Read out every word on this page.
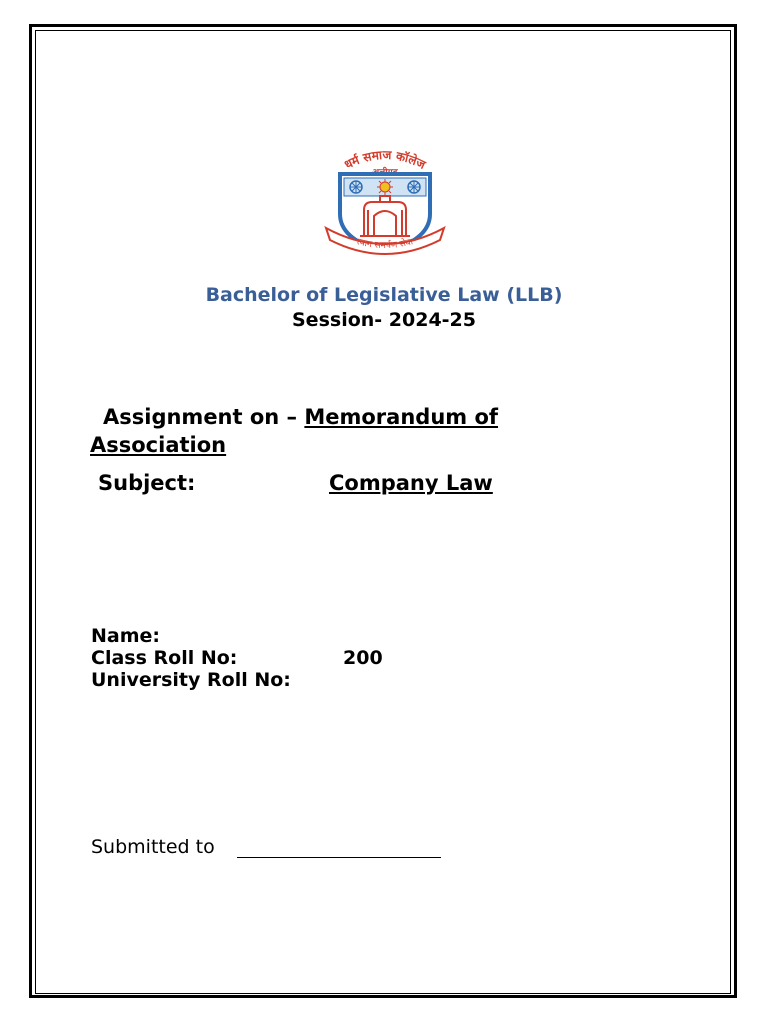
धर्म समाज कॉलेज
त्याग समर्पण सेवा
Bachelor of Legislative Law (LLB)
Session- 2024-25
Assignment on – Memorandum of
Association
Subject:	Company Law
Name:
Class Roll No:	200
University Roll No:
Submitted to
